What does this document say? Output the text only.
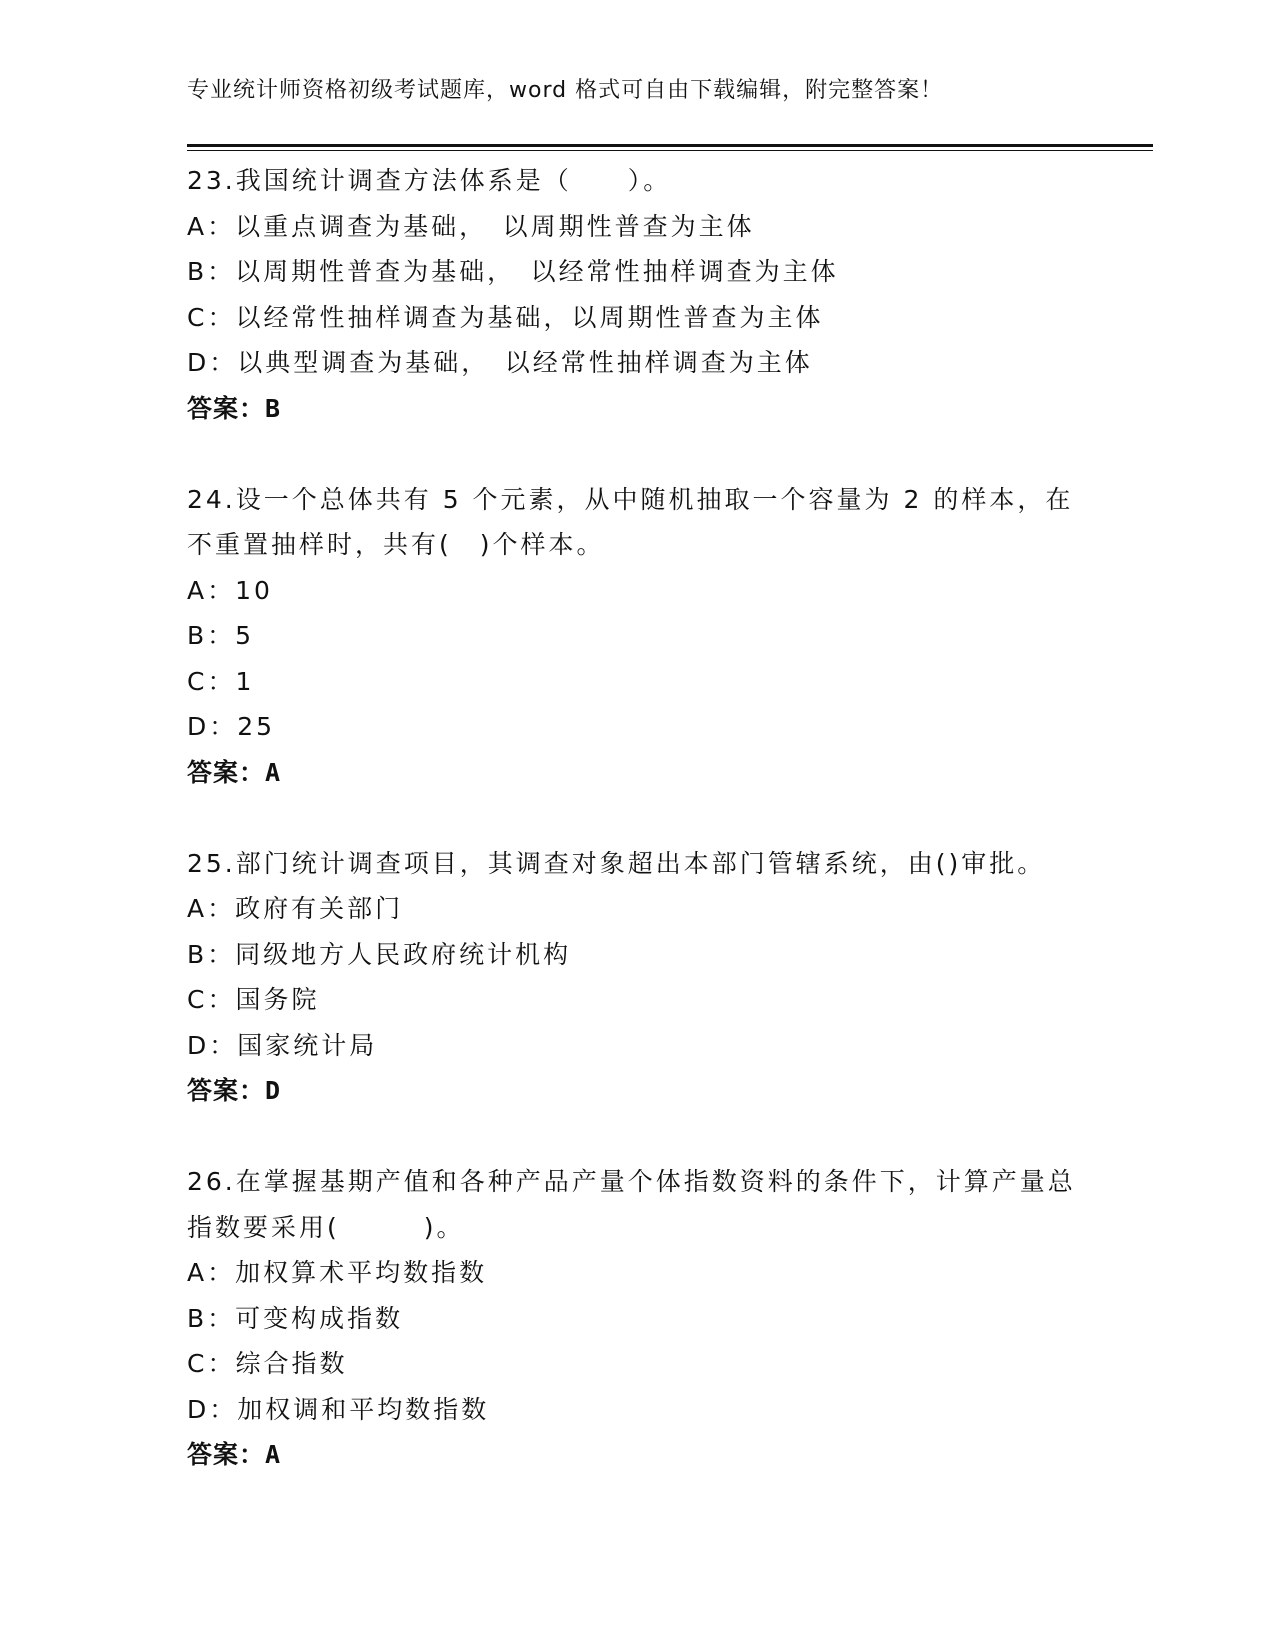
专业统计师资格初级考试题库，word 格式可自由下载编辑，附完整答案！

23.我国统计调查方法体系是（　　）。

A：以重点调查为基础，　以周期性普查为主体

B：以周期性普查为基础，　以经常性抽样调查为主体

C：以经常性抽样调查为基础，以周期性普查为主体

D：以典型调查为基础，　以经常性抽样调查为主体

答案：B

24.设一个总体共有 5 个元素，从中随机抽取一个容量为 2 的样本，在不重置抽样时，共有(　)个样本。

A：10

B：5

C：1

D：25

答案：A

25.部门统计调查项目，其调查对象超出本部门管辖系统，由()审批。

A：政府有关部门

B：同级地方人民政府统计机构

C：国务院

D：国家统计局

答案：D

26.在掌握基期产值和各种产品产量个体指数资料的条件下，计算产量总指数要采用(　　　)。

A：加权算术平均数指数

B：可变构成指数

C：综合指数

D：加权调和平均数指数

答案：A
